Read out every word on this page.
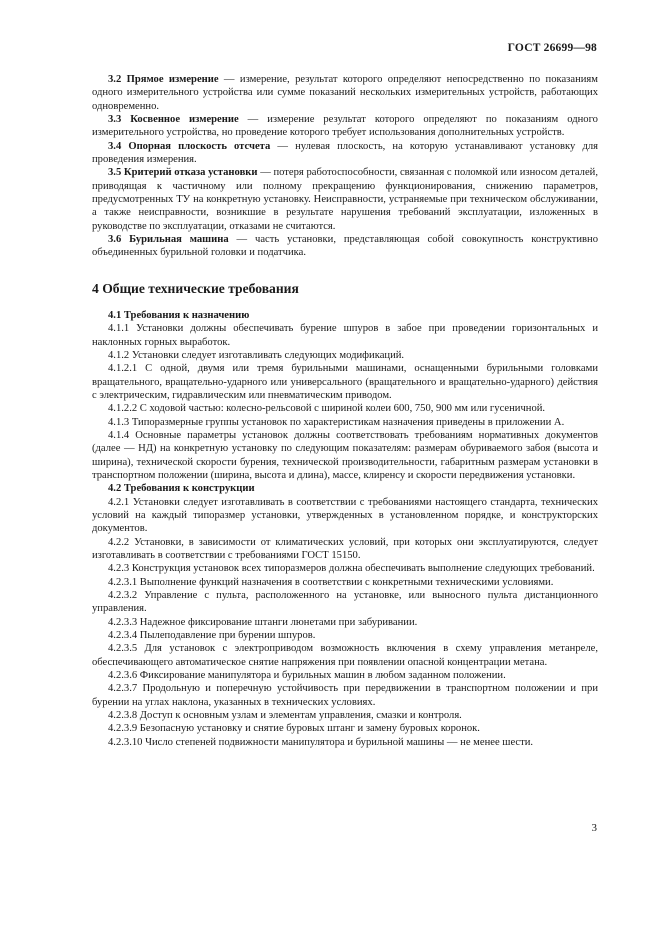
ГОСТ 26699—98

3.2 Прямое измерение — измерение, результат которого определяют непосредственно по показаниям одного измерительного устройства или сумме показаний нескольких измерительных устройств, работающих одновременно.

3.3 Косвенное измерение — измерение результат которого определяют по показаниям одного измерительного устройства, но проведение которого требует использования дополнительных устройств.

3.4 Опорная плоскость отсчета — нулевая плоскость, на которую устанавливают установку для проведения измерения.

3.5 Критерий отказа установки — потеря работоспособности, связанная с поломкой или износом деталей, приводящая к частичному или полному прекращению функционирования, снижению параметров, предусмотренных ТУ на конкретную установку. Неисправности, устраняемые при техническом обслуживании, а также неисправности, возникшие в результате нарушения требований эксплуатации, изложенных в руководстве по эксплуатации, отказами не считаются.

3.6 Бурильная машина — часть установки, представляющая собой совокупность конструктивно объединенных бурильной головки и податчика.

4 Общие технические требования

4.1 Требования к назначению

4.1.1 Установки должны обеспечивать бурение шпуров в забое при проведении горизонтальных и наклонных горных выработок.

4.1.2 Установки следует изготавливать следующих модификаций.

4.1.2.1 С одной, двумя или тремя бурильными машинами, оснащенными бурильными головками вращательного, вращательно-ударного или универсального (вращательного и вращательно-ударного) действия с электрическим, гидравлическим или пневматическим приводом.

4.1.2.2 С ходовой частью: колесно-рельсовой с шириной колеи 600, 750, 900 мм или гусеничной.

4.1.3 Типоразмерные группы установок по характеристикам назначения приведены в приложении А.

4.1.4 Основные параметры установок должны соответствовать требованиям нормативных документов (далее — НД) на конкретную установку по следующим показателям: размерам обуриваемого забоя (высота и ширина), технической скорости бурения, технической производительности, габаритным размерам установки в транспортном положении (ширина, высота и длина), массе, клиренсу и скорости передвижения установки.

4.2 Требования к конструкции

4.2.1 Установки следует изготавливать в соответствии с требованиями настоящего стандарта, технических условий на каждый типоразмер установки, утвержденных в установленном порядке, и конструкторских документов.

4.2.2 Установки, в зависимости от климатических условий, при которых они эксплуатируются, следует изготавливать в соответствии с требованиями ГОСТ 15150.

4.2.3 Конструкция установок всех типоразмеров должна обеспечивать выполнение следующих требований.

4.2.3.1 Выполнение функций назначения в соответствии с конкретными техническими условиями.

4.2.3.2 Управление с пульта, расположенного на установке, или выносного пульта дистанционного управления.

4.2.3.3 Надежное фиксирование штанги люнетами при забуривании.

4.2.3.4 Пылеподавление при бурении шпуров.

4.2.3.5 Для установок с электроприводом возможность включения в схему управления метанреле, обеспечивающего автоматическое снятие напряжения при появлении опасной концентрации метана.

4.2.3.6 Фиксирование манипулятора и бурильных машин в любом заданном положении.

4.2.3.7 Продольную и поперечную устойчивость при передвижении в транспортном положении и при бурении на углах наклона, указанных в технических условиях.

4.2.3.8 Доступ к основным узлам и элементам управления, смазки и контроля.

4.2.3.9 Безопасную установку и снятие буровых штанг и замену буровых коронок.

4.2.3.10 Число степеней подвижности манипулятора и бурильной машины — не менее шести.

3
